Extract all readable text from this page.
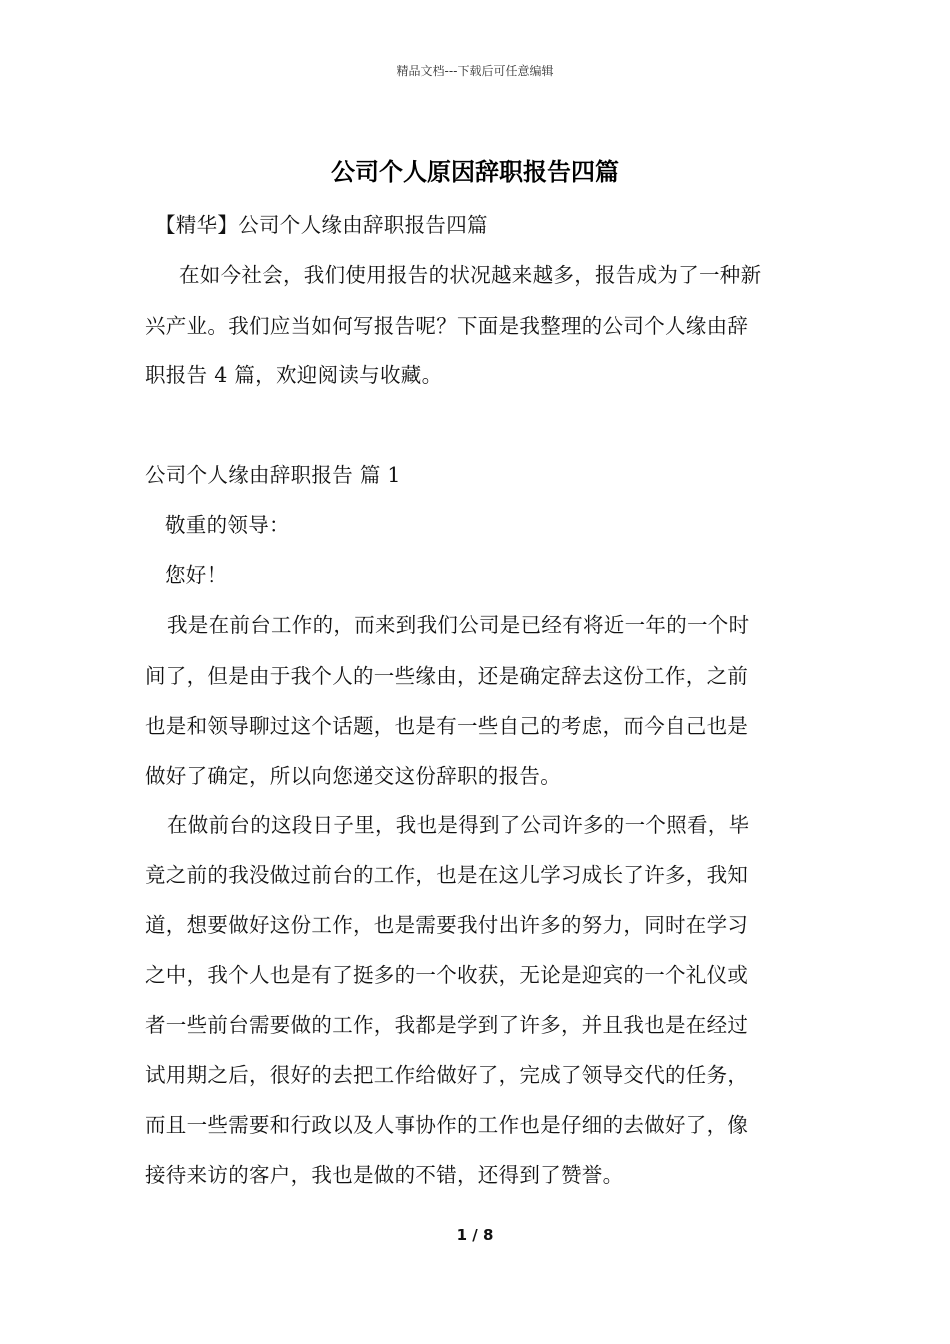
精品文档---下载后可任意编辑
公司个人原因辞职报告四篇
【精华】公司个人缘由辞职报告四篇
在如今社会，我们使用报告的状况越来越多，报告成为了一种新
兴产业。我们应当如何写报告呢？下面是我整理的公司个人缘由辞
职报告 4 篇，欢迎阅读与收藏。
公司个人缘由辞职报告 篇 1
敬重的领导：
您好！
我是在前台工作的，而来到我们公司是已经有将近一年的一个时
间了，但是由于我个人的一些缘由，还是确定辞去这份工作，之前
也是和领导聊过这个话题，也是有一些自己的考虑，而今自己也是
做好了确定，所以向您递交这份辞职的报告。
在做前台的这段日子里，我也是得到了公司许多的一个照看，毕
竟之前的我没做过前台的工作，也是在这儿学习成长了许多，我知
道，想要做好这份工作，也是需要我付出许多的努力，同时在学习
之中，我个人也是有了挺多的一个收获，无论是迎宾的一个礼仪或
者一些前台需要做的工作，我都是学到了许多，并且我也是在经过
试用期之后，很好的去把工作给做好了，完成了领导交代的任务，
而且一些需要和行政以及人事协作的工作也是仔细的去做好了，像
接待来访的客户，我也是做的不错，还得到了赞誉。
1 / 8
